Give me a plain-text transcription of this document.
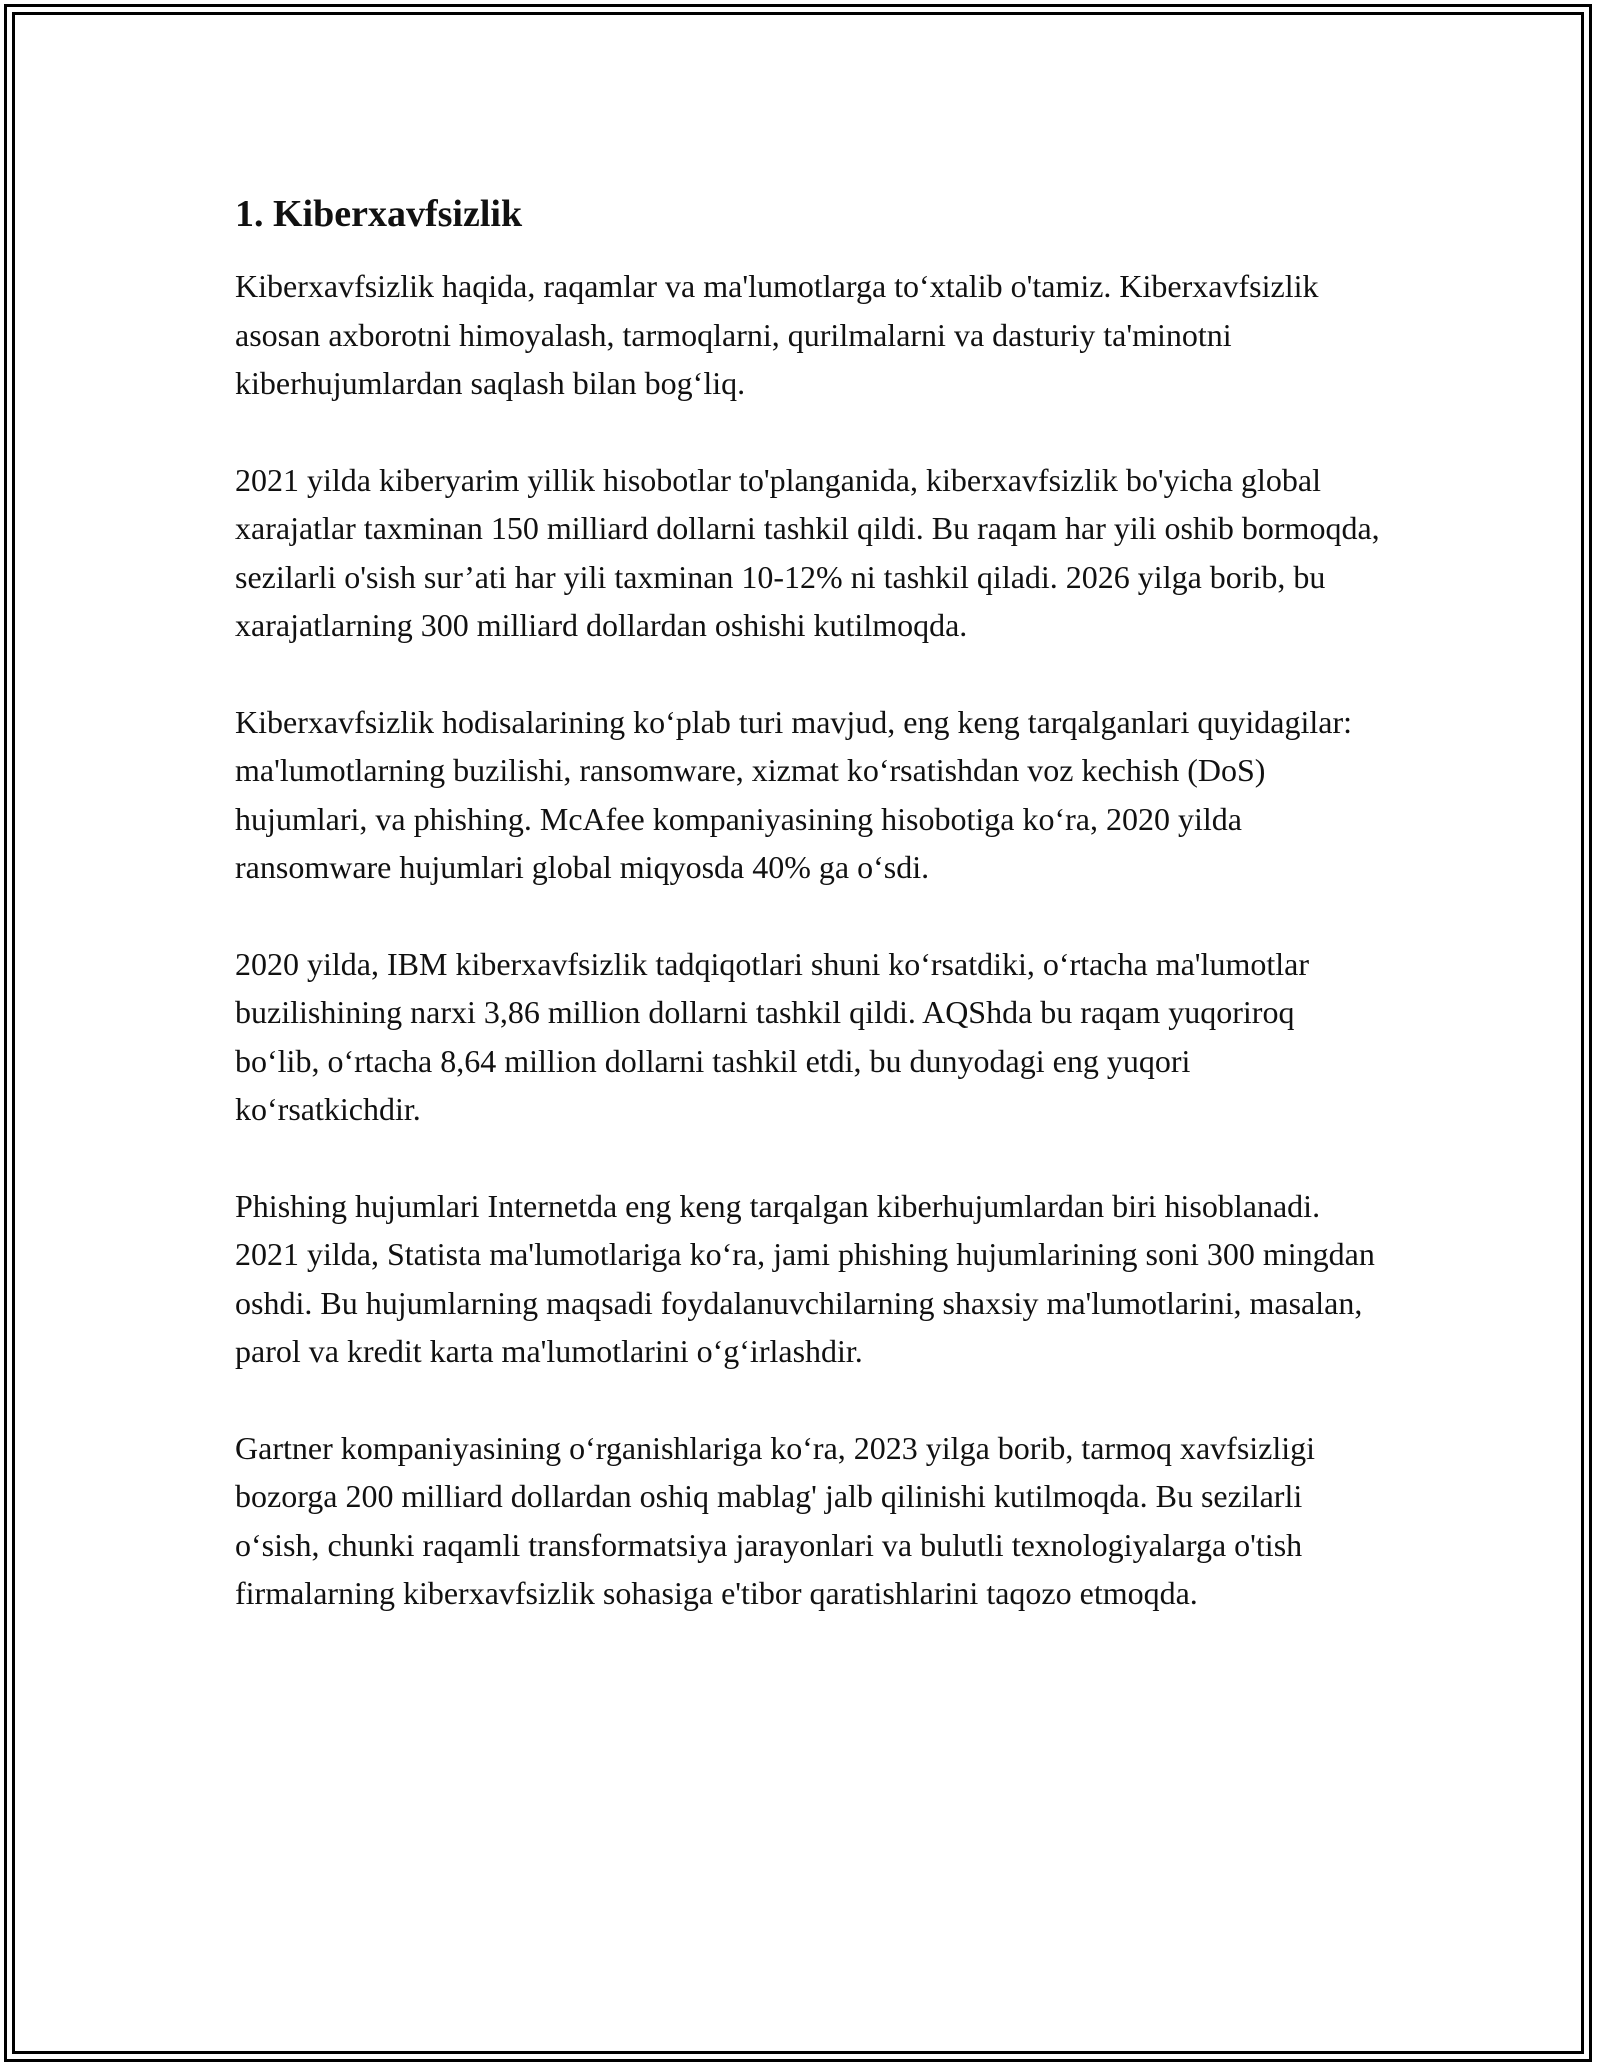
1. Kiberxavfsizlik

Kiberxavfsizlik haqida, raqamlar va ma'lumotlarga to‘xtalib o'tamiz. Kiberxavfsizlik asosan axborotni himoyalash, tarmoqlarni, qurilmalarni va dasturiy ta'minotni kiberhujumlardan saqlash bilan bog‘liq.

2021 yilda kiberyarim yillik hisobotlar to'planganida, kiberxavfsizlik bo'yicha global xarajatlar taxminan 150 milliard dollarni tashkil qildi. Bu raqam har yili oshib bormoqda, sezilarli o'sish sur’ati har yili taxminan 10-12% ni tashkil qiladi. 2026 yilga borib, bu xarajatlarning 300 milliard dollardan oshishi kutilmoqda.

Kiberxavfsizlik hodisalarining ko‘plab turi mavjud, eng keng tarqalganlari quyidagilar: ma'lumotlarning buzilishi, ransomware, xizmat ko‘rsatishdan voz kechish (DoS) hujumlari, va phishing. McAfee kompaniyasining hisobotiga ko‘ra, 2020 yilda ransomware hujumlari global miqyosda 40% ga o‘sdi.

2020 yilda, IBM kiberxavfsizlik tadqiqotlari shuni ko‘rsatdiki, o‘rtacha ma'lumotlar buzilishining narxi 3,86 million dollarni tashkil qildi. AQShda bu raqam yuqoriroq bo‘lib, o‘rtacha 8,64 million dollarni tashkil etdi, bu dunyodagi eng yuqori ko‘rsatkichdir.

Phishing hujumlari Internetda eng keng tarqalgan kiberhujumlardan biri hisoblanadi. 2021 yilda, Statista ma'lumotlariga ko‘ra, jami phishing hujumlarining soni 300 mingdan oshdi. Bu hujumlarning maqsadi foydalanuvchilarning shaxsiy ma'lumotlarini, masalan, parol va kredit karta ma'lumotlarini o‘g‘irlashdir.

Gartner kompaniyasining o‘rganishlariga ko‘ra, 2023 yilga borib, tarmoq xavfsizligi bozorga 200 milliard dollardan oshiq mablag' jalb qilinishi kutilmoqda. Bu sezilarli o‘sish, chunki raqamli transformatsiya jarayonlari va bulutli texnologiyalarga o'tish firmalarning kiberxavfsizlik sohasiga e'tibor qaratishlarini taqozo etmoqda.
